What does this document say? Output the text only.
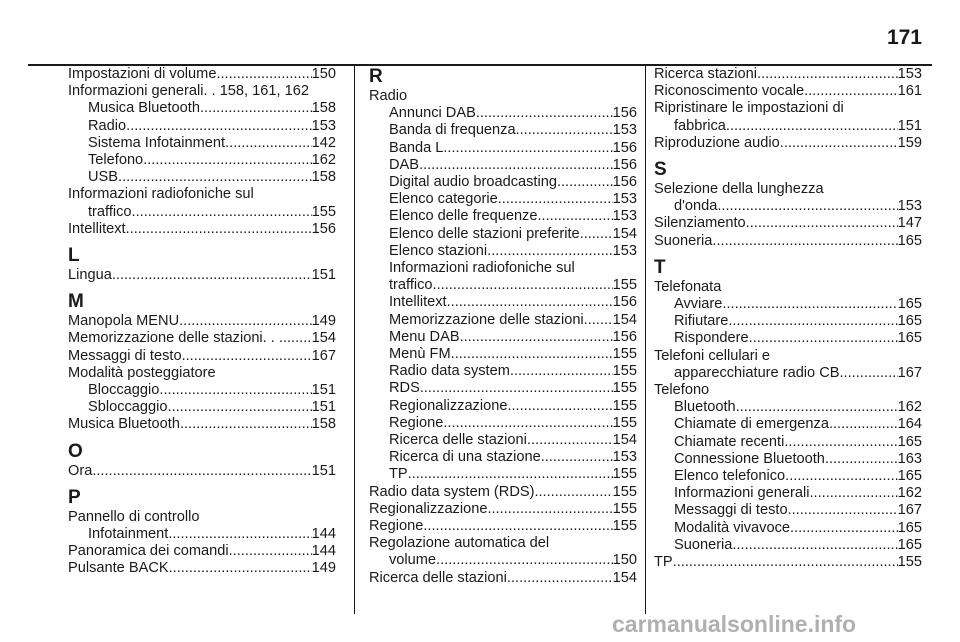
171
Impostazioni di volume .....	150
Informazioni generali. . 158, 161, 162
Musica Bluetooth .....	158
Radio .....	153
Sistema Infotainment .....	142
Telefono .....	162
USB .....	158
Informazioni radiofoniche sul
traffico .....	155
Intellitext .....	156
L
Lingua .....	151
M
Manopola MENU .....	149
Memorizzazione delle stazioni. . . ..... 154
Messaggi di testo .....	167
Modalità posteggiatore
Bloccaggio .....	151
Sbloccaggio .....	151
Musica Bluetooth .....	158
O
Ora .....	151
P
Pannello di controllo
Infotainment .....	144
Panoramica dei comandi .....	144
Pulsante BACK .....	149
R
Radio
Annunci DAB .....	156
Banda di frequenza .....	153
Banda L .....	156
DAB .....	156
Digital audio broadcasting .....	156
Elenco categorie .....	153
Elenco delle frequenze .....	153
Elenco delle stazioni preferite. ..... 154
Elenco stazioni .....	153
Informazioni radiofoniche sul
traffico .....	155
Intellitext .....	156
Memorizzazione delle stazioni ..... 154
Menu DAB .....	156
Menù FM .....	155
Radio data system .....	155
RDS .....	155
Regionalizzazione .....	155
Regione .....	155
Ricerca delle stazioni .....	154
Ricerca di una stazione .....	153
TP .....	155
Radio data system (RDS) .....	155
Regionalizzazione .....	155
Regione .....	155
Regolazione automatica del
volume .....	150
Ricerca delle stazioni .....	154
Ricerca stazioni .....	153
Riconoscimento vocale .....	161
Ripristinare le impostazioni di
fabbrica .....	151
Riproduzione audio .....	159
S
Selezione della lunghezza
d'onda .....	153
Silenziamento .....	147
Suoneria .....	165
T
Telefonata
Avviare .....	165
Rifiutare .....	165
Rispondere .....	165
Telefoni cellulari e
apparecchiature radio CB .....	167
Telefono
Bluetooth .....	162
Chiamate di emergenza .....	164
Chiamate recenti .....	165
Connessione Bluetooth .....	163
Elenco telefonico .....	165
Informazioni generali .....	162
Messaggi di testo .....	167
Modalità vivavoce .....	165
Suoneria .....	165
TP .....	155
carmanualsonline.info
